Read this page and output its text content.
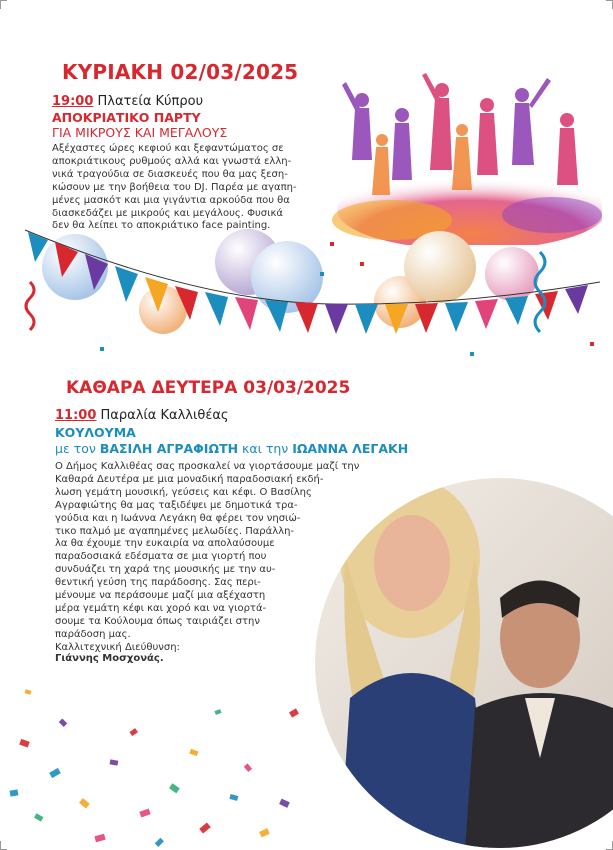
ΚΥΡΙΑΚΗ 02/03/2025
19:00 Πλατεία Κύπρου
ΑΠΟΚΡΙΑΤΙΚΟ ΠΑΡΤΥ
ΓΙΑ ΜΙΚΡΟΥΣ ΚΑΙ ΜΕΓΑΛΟΥΣ
Αξέχαστες ώρες κεφιού και ξεφαντώματος σε
αποκριάτικους ρυθμούς αλλά και γνωστά ελλη-
νικά τραγούδια σε διασκευές που θα μας ξεση-
κώσουν με την βοήθεια του DJ. Παρέα με αγαπη-
μένες μασκότ και μια γιγάντια αρκούδα που θα
διασκεδάζει με μικρούς και μεγάλους. Φυσικά
δεν θα λείπει το αποκριάτικο face painting.
ΚΑΘΑΡΑ ΔΕΥΤΕΡΑ 03/03/2025
11:00 Παραλία Καλλιθέας
ΚΟΥΛΟΥΜΑ
με τον ΒΑΣΙΛΗ ΑΓΡΑΦΙΩΤΗ και την ΙΩΑΝΝΑ ΛΕΓΑΚΗ
Ο Δήμος Καλλιθέας σας προσκαλεί να γιορτάσουμε μαζί την
Καθαρά Δευτέρα με μια μοναδική παραδοσιακή εκδή-
λωση γεμάτη μουσική, γεύσεις και κέφι. Ο Βασίλης
Αγραφιώτης θα μας ταξιδέψει με δημοτικά τρα-
γούδια και η Ιωάννα Λεγάκη θα φέρει τον νησιώ-
τικο παλμό με αγαπημένες μελωδίες. Παράλλη-
λα θα έχουμε την ευκαιρία να απολαύσουμε
παραδοσιακά εδέσματα σε μια γιορτή που
συνδυάζει τη χαρά της μουσικής με την αυ-
θεντική γεύση της παράδοσης. Σας περι-
μένουμε να περάσουμε μαζί μια αξέχαστη
μέρα γεμάτη κέφι και χορό και να γιορτά-
σουμε τα Κούλουμα όπως ταιριάζει στην
παράδοση μας.
Καλλιτεχνική Διεύθυνση:
Γιάννης Μοσχονάς.
